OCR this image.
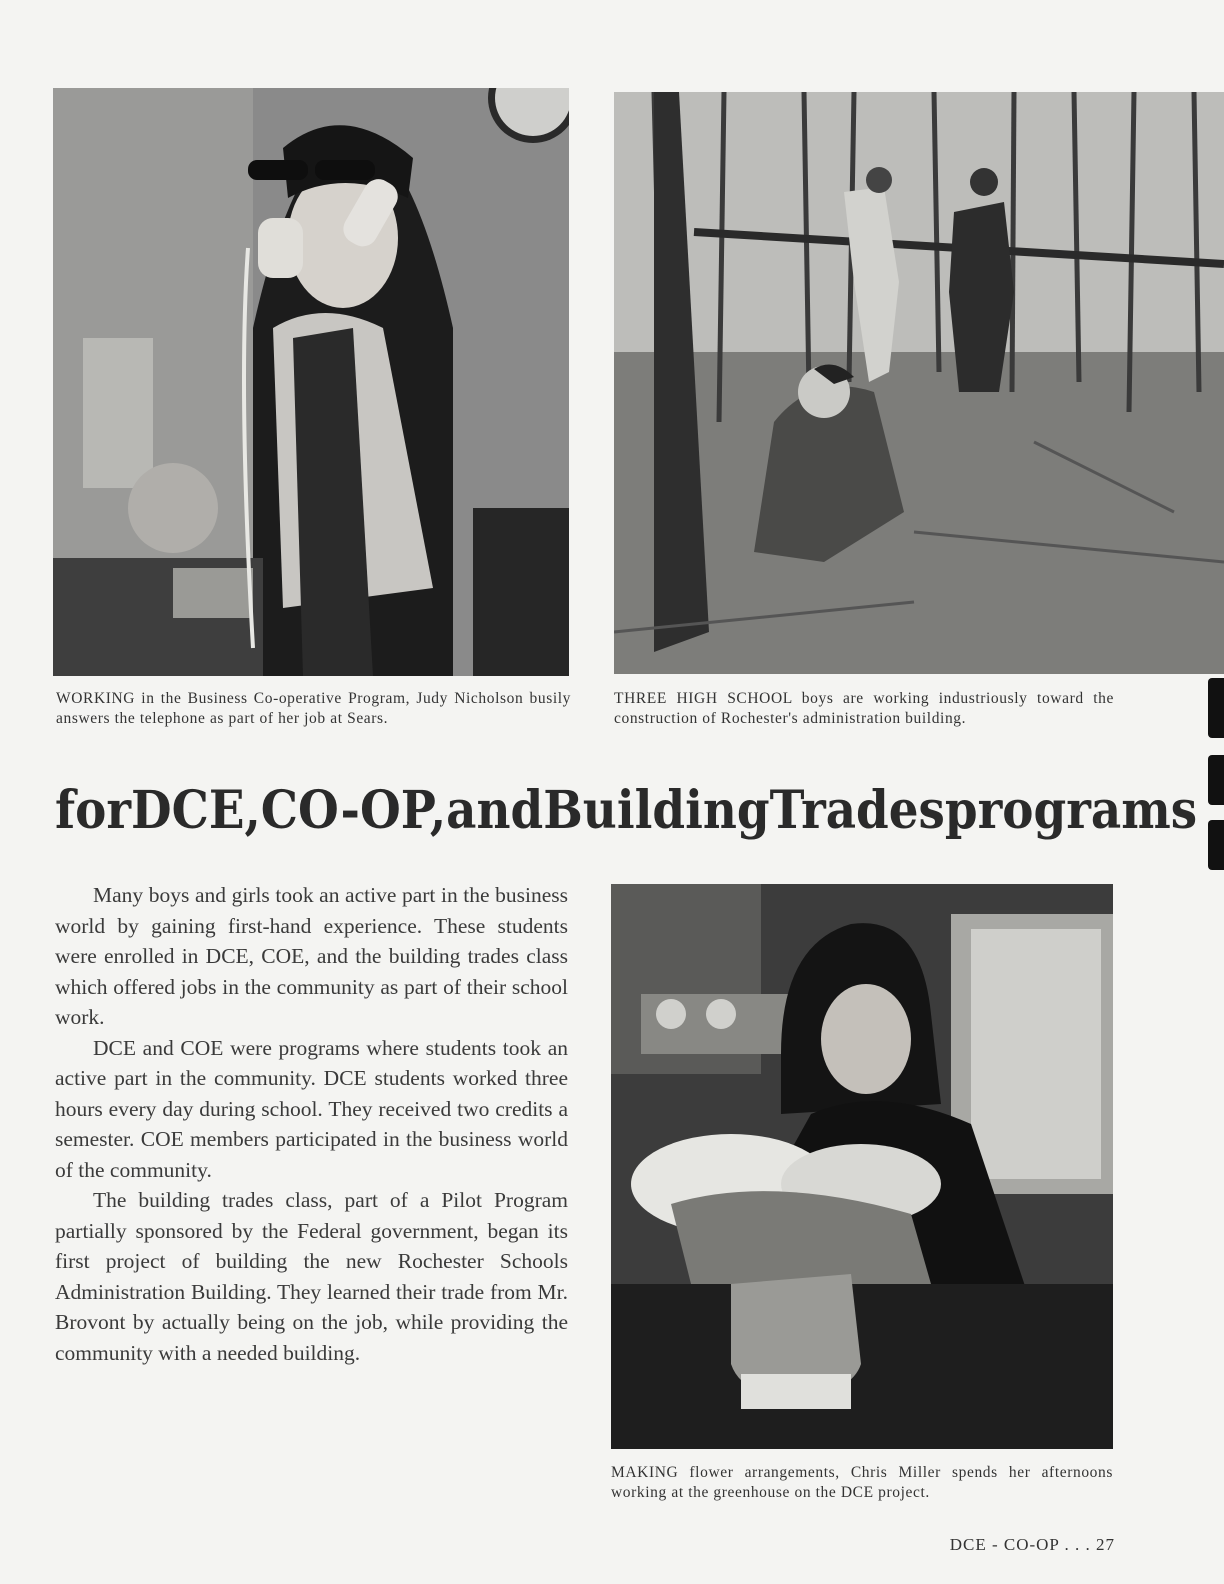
WORKING in the Business Co-operative Program, Judy Nicholson busily answers the telephone as part of her job at Sears.
THREE HIGH SCHOOL boys are working industriously toward the construction of Rochester's administration building.
for DCE, CO-OP, and Building Trades programs

Many boys and girls took an active part in the business world by gaining first-hand experience. These students were enrolled in DCE, COE, and the building trades class which offered jobs in the community as part of their school work.

DCE and COE were programs where students took an active part in the community. DCE students worked three hours every day during school. They received two credits a semester. COE members participated in the business world of the community.

The building trades class, part of a Pilot Program partially sponsored by the Federal government, began its first project of building the new Rochester Schools Administration Building. They learned their trade from Mr. Brovont by actually being on the job, while providing the community with a needed building.

MAKING flower arrangements, Chris Miller spends her afternoons working at the greenhouse on the DCE project.
DCE - CO-OP . . . 27
